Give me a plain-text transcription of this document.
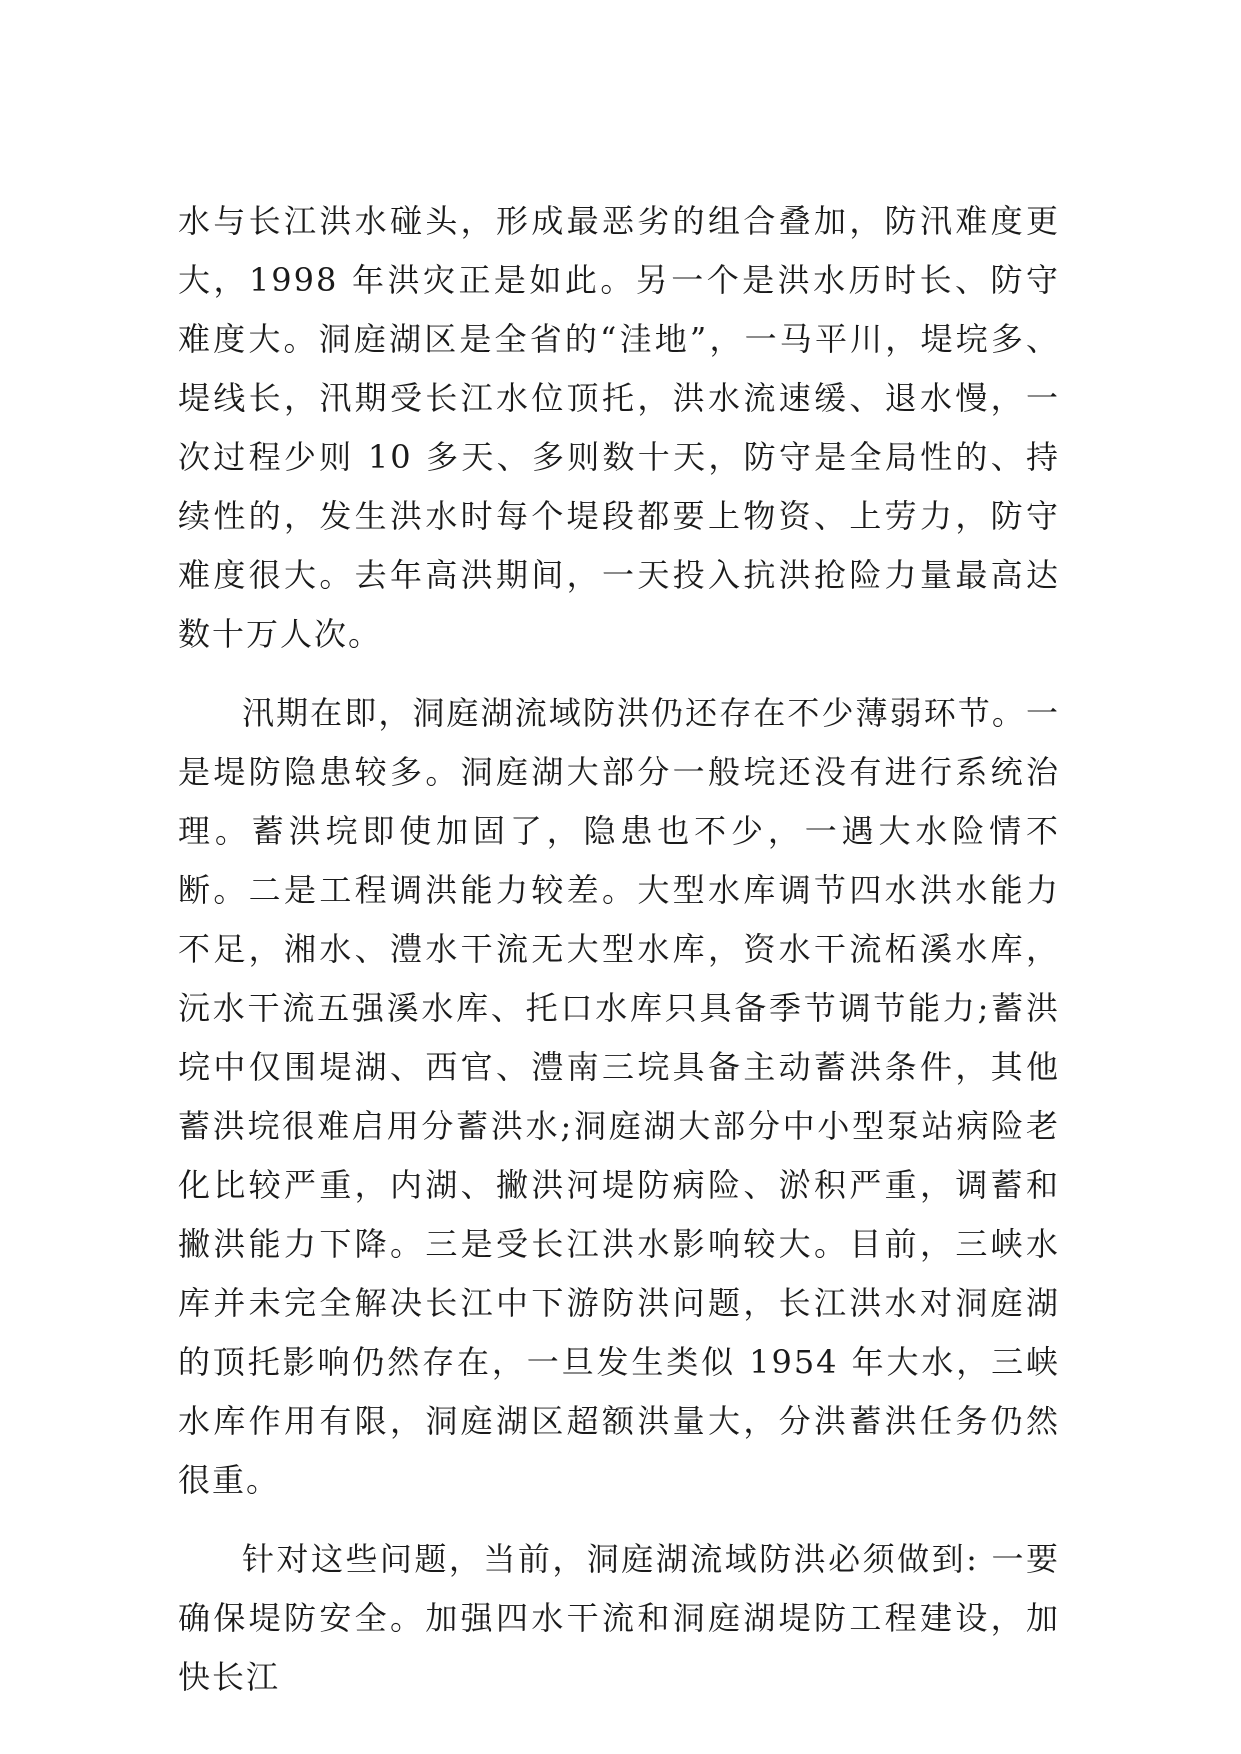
水与长江洪水碰头，形成最恶劣的组合叠加，防汛难度更大，1998 年洪灾正是如此。另一个是洪水历时长、防守难度大。洞庭湖区是全省的“洼地”，一马平川，堤垸多、堤线长，汛期受长江水位顶托，洪水流速缓、退水慢，一次过程少则 10 多天、多则数十天，防守是全局性的、持续性的，发生洪水时每个堤段都要上物资、上劳力，防守难度很大。去年高洪期间，一天投入抗洪抢险力量最高达数十万人次。

汛期在即，洞庭湖流域防洪仍还存在不少薄弱环节。一是堤防隐患较多。洞庭湖大部分一般垸还没有进行系统治理。蓄洪垸即使加固了，隐患也不少，一遇大水险情不断。二是工程调洪能力较差。大型水库调节四水洪水能力不足，湘水、澧水干流无大型水库，资水干流柘溪水库，沅水干流五强溪水库、托口水库只具备季节调节能力;蓄洪垸中仅围堤湖、西官、澧南三垸具备主动蓄洪条件，其他蓄洪垸很难启用分蓄洪水;洞庭湖大部分中小型泵站病险老化比较严重，内湖、撇洪河堤防病险、淤积严重，调蓄和撇洪能力下降。三是受长江洪水影响较大。目前，三峡水库并未完全解决长江中下游防洪问题，长江洪水对洞庭湖的顶托影响仍然存在，一旦发生类似 1954 年大水，三峡水库作用有限，洞庭湖区超额洪量大，分洪蓄洪任务仍然很重。

针对这些问题，当前，洞庭湖流域防洪必须做到: 一要确保堤防安全。加强四水干流和洞庭湖堤防工程建设，加快长江
